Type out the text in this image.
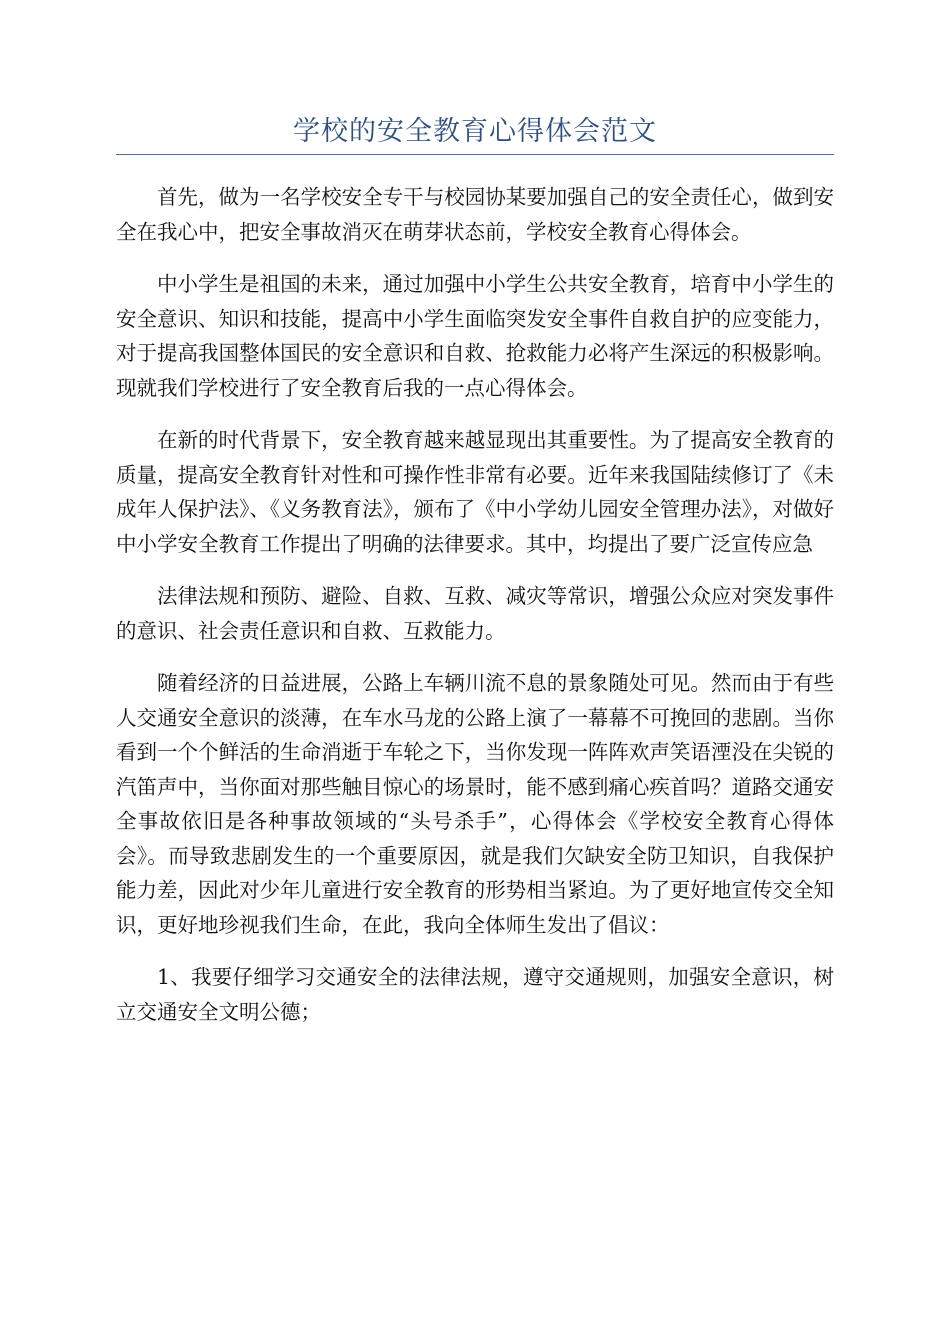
学校的安全教育心得体会范文

首先，做为一名学校安全专干与校园协某要加强自己的安全责任心，做到安全在我心中，把安全事故消灭在萌芽状态前，学校安全教育心得体会。

中小学生是祖国的未来，通过加强中小学生公共安全教育，培育中小学生的安全意识、知识和技能，提高中小学生面临突发安全事件自救自护的应变能力，对于提高我国整体国民的安全意识和自救、抢救能力必将产生深远的积极影响。现就我们学校进行了安全教育后我的一点心得体会。

在新的时代背景下，安全教育越来越显现出其重要性。为了提高安全教育的质量，提高安全教育针对性和可操作性非常有必要。近年来我国陆续修订了《未成年人保护法》、《义务教育法》，颁布了《中小学幼儿园安全管理办法》，对做好中小学安全教育工作提出了明确的法律要求。其中，均提出了要广泛宣传应急

法律法规和预防、避险、自救、互救、减灾等常识，增强公众应对突发事件的意识、社会责任意识和自救、互救能力。

随着经济的日益进展，公路上车辆川流不息的景象随处可见。然而由于有些人交通安全意识的淡薄，在车水马龙的公路上演了一幕幕不可挽回的悲剧。当你看到一个个鲜活的生命消逝于车轮之下，当你发现一阵阵欢声笑语湮没在尖锐的汽笛声中，当你面对那些触目惊心的场景时，能不感到痛心疾首吗？道路交通安全事故依旧是各种事故领域的“头号杀手”，心得体会《学校安全教育心得体会》。而导致悲剧发生的一个重要原因，就是我们欠缺安全防卫知识，自我保护能力差，因此对少年儿童进行安全教育的形势相当紧迫。为了更好地宣传交全知识，更好地珍视我们生命，在此，我向全体师生发出了倡议：

1、我要仔细学习交通安全的法律法规，遵守交通规则，加强安全意识，树立交通安全文明公德；
